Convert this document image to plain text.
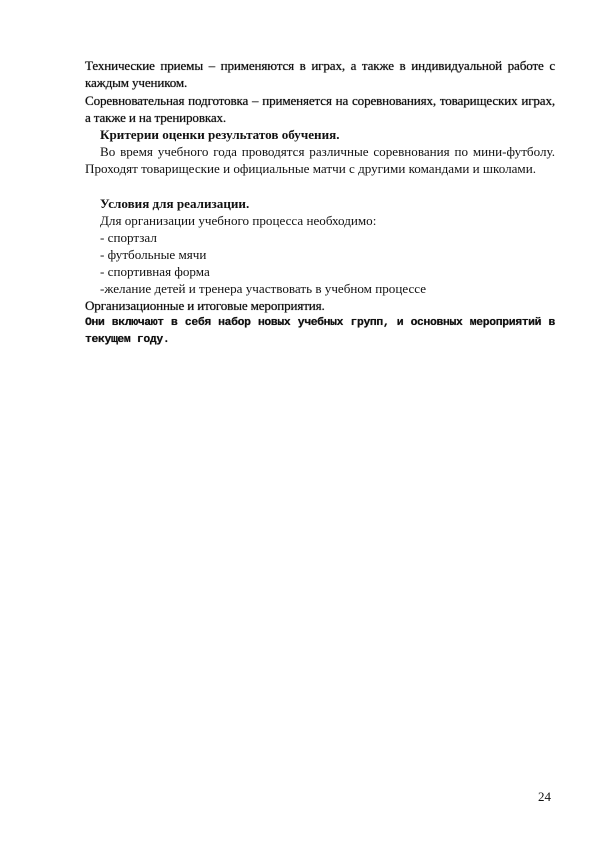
Технические приемы – применяются в играх, а также в индивидуальной работе с каждым учеником.
Соревновательная подготовка – применяется на соревнованиях, товарищеских играх, а также и на тренировках.
Критерии оценки результатов обучения.
Во время учебного года проводятся различные соревнования по мини-футболу. Проходят товарищеские и официальные матчи с другими командами и школами.
Условия для реализации.
Для организации учебного процесса необходимо:
- спортзал
- футбольные мячи
- спортивная форма
-желание детей и тренера участвовать в учебном процессе
Организационные и итоговые мероприятия.
Они включают в себя набор новых учебных групп, и основных мероприятий в текущем году.
24
